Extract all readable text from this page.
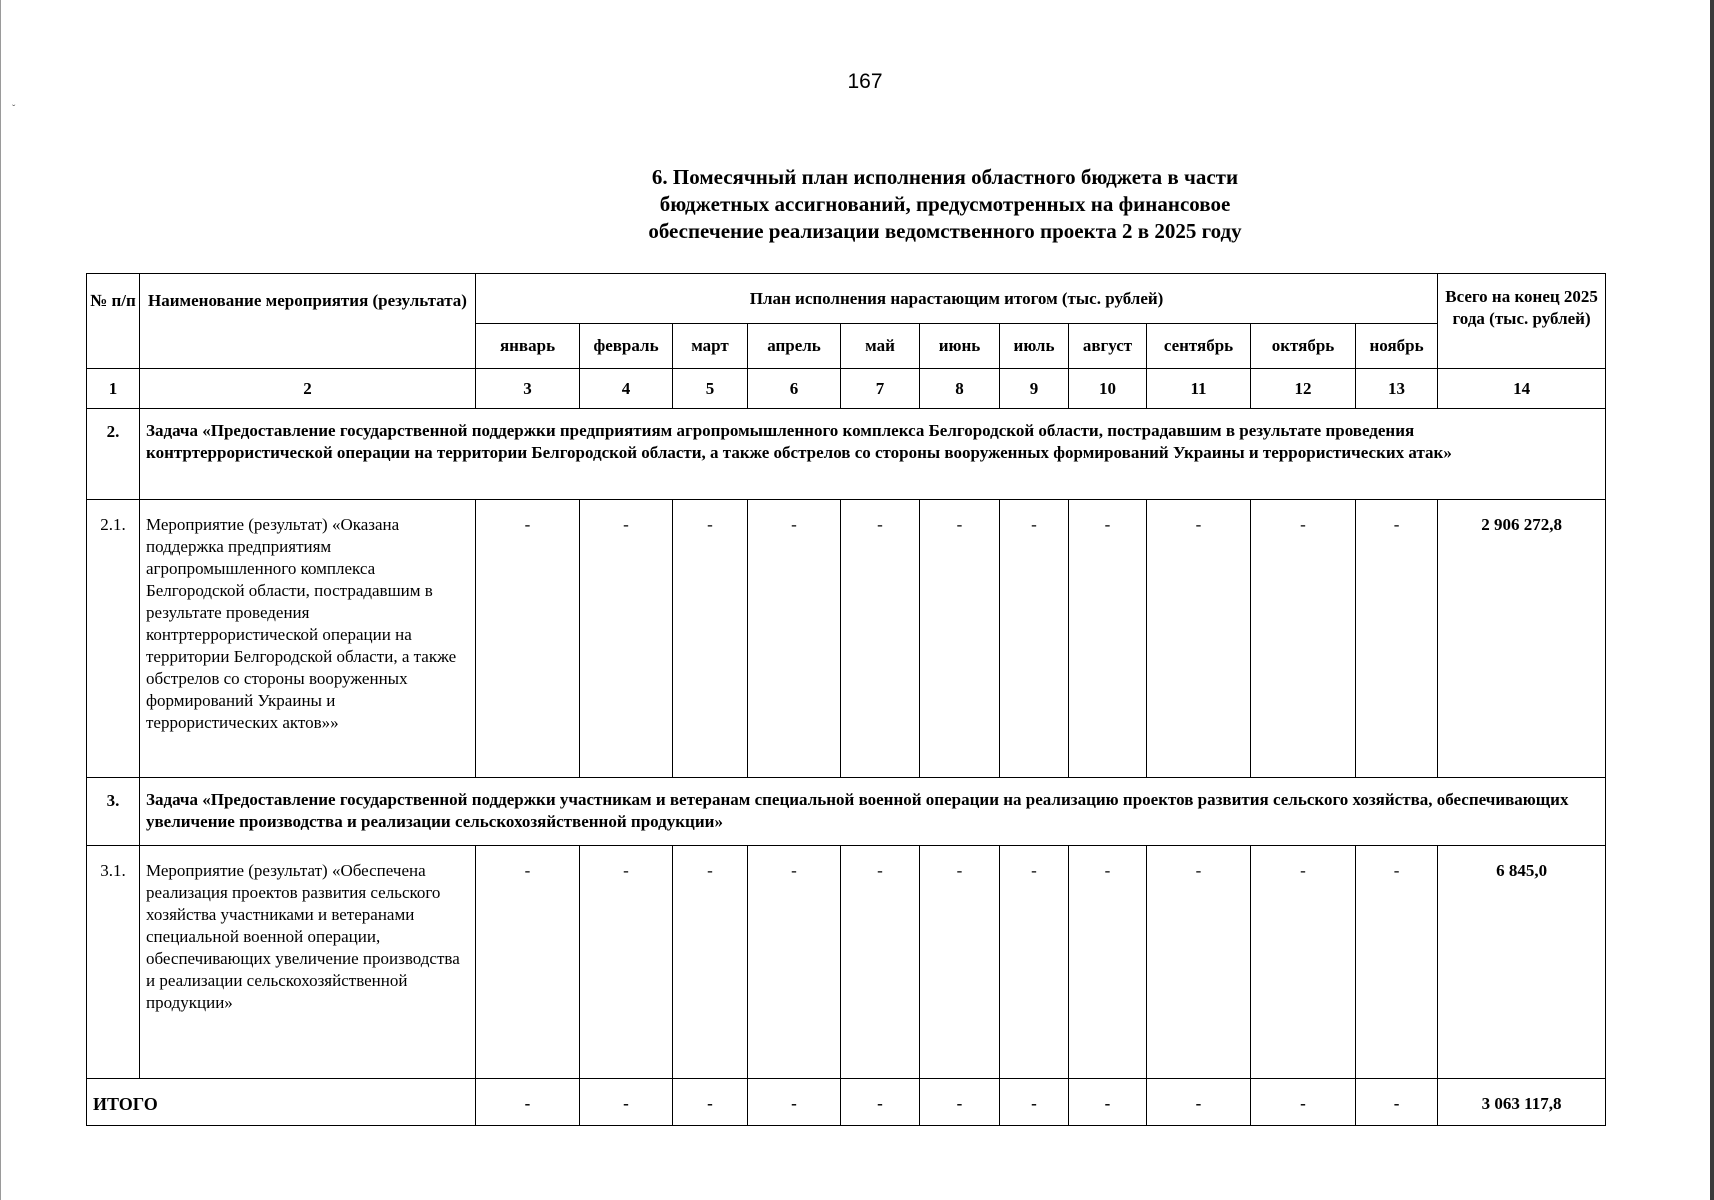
ˇ
167
6. Помесячный план исполнения областного бюджета в части
бюджетных ассигнований, предусмотренных на финансовое
обеспечение реализации ведомственного проекта 2 в 2025 году
№ п/п	Наименование мероприятия (результата)	План исполнения нарастающим итогом (тыс. рублей)											Всего на конец 2025 года (тыс. рублей)
		январь	февраль	март	апрель	май	июнь	июль	август	сентябрь	октябрь	ноябрь	
1	2	3	4	5	6	7	8	9	10	11	12	13	14
2.	Задача «Предоставление государственной поддержки предприятиям агропромышленного комплекса Белгородской области, пострадавшим в результате проведения контртеррористической операции на территории Белгородской области, а также обстрелов со стороны вооруженных формирований Украины и террористических атак»												
2.1.	Мероприятие (результат) «Оказана поддержка предприятиям агропромышленного комплекса Белгородской области, пострадавшим в результате проведения контртеррористической операции на территории Белгородской области, а также обстрелов со стороны вооруженных формирований Украины и террористических актов»»	-	-	-	-	-	-	-	-	-	-	-	2 906 272,8
3.	Задача «Предоставление государственной поддержки участникам и ветеранам специальной военной операции на реализацию проектов развития сельского хозяйства, обеспечивающих увеличение производства и реализации сельскохозяйственной продукции»												
3.1.	Мероприятие (результат) «Обеспечена реализация проектов развития сельского хозяйства участниками и ветеранами специальной военной операции, обеспечивающих увеличение производства и реализации сельскохозяйственной продукции»	-	-	-	-	-	-	-	-	-	-	-	6 845,0
ИТОГО		-	-	-	-	-	-	-	-	-	-	-	3 063 117,8
